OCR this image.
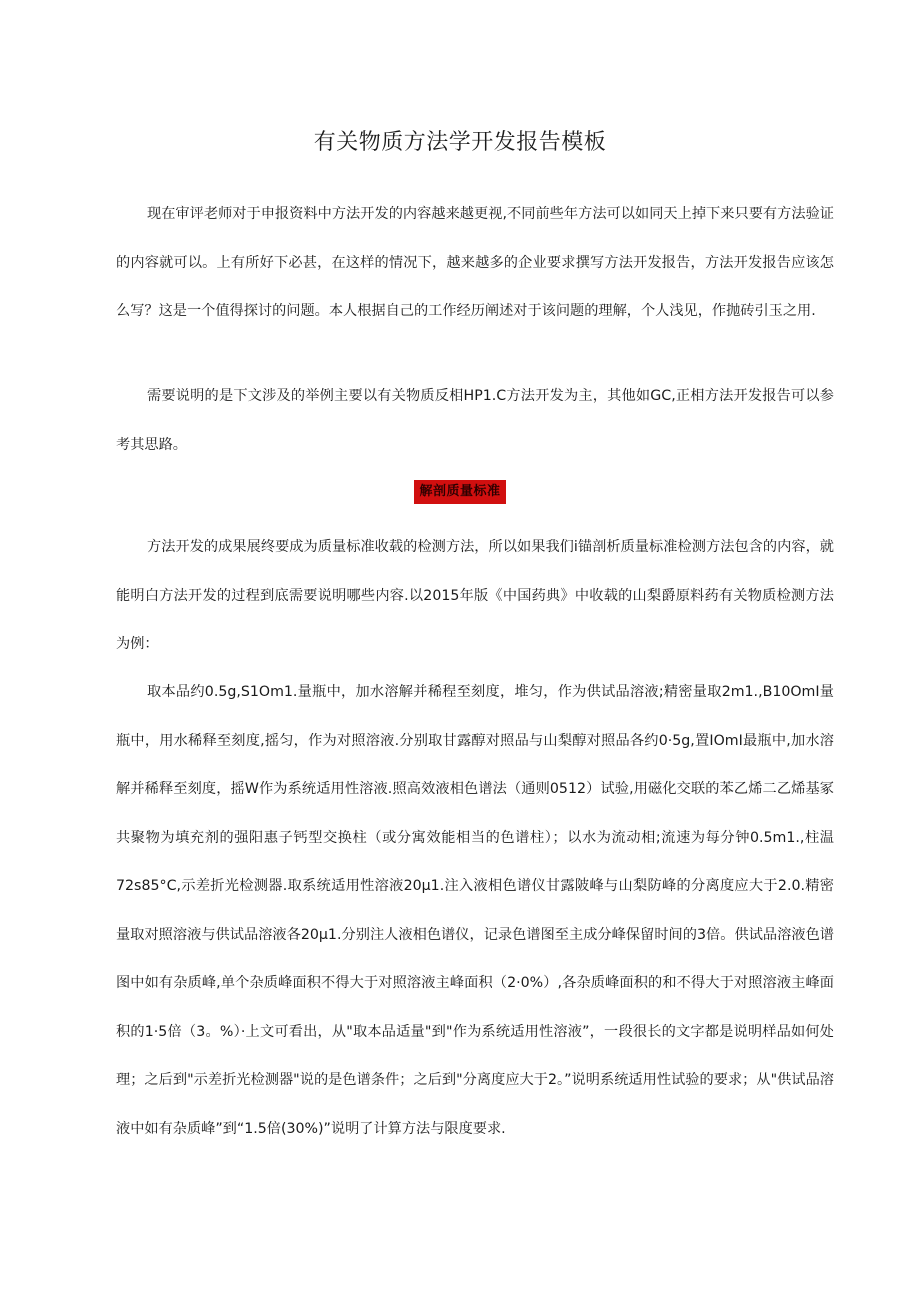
有关物质方法学开发报告模板

现在审评老师对于申报资料中方法开发的内容越来越更视,不同前些年方法可以如同天上掉下来只要有方法验证的内容就可以。上有所好下必甚，在这样的情况下，越来越多的企业要求撰写方法开发报告，方法开发报告应该怎么写？这是一个值得探讨的问题。本人根据自己的工作经历阐述对于该问题的理解，个人浅见，作抛砖引玉之用.

需要说明的是下文涉及的举例主要以有关物质反相HP1.C方法开发为主，其他如GC,正相方法开发报告可以参考其思路。

解剖质量标准

方法开发的成果展终要成为质量标准收载的检测方法，所以如果我们i锚剖析质量标准检测方法包含的内容，就能明白方法开发的过程到底需要说明哪些内容.以2015年版《中国药典》中收载的山梨爵原料药有关物质检测方法为例：

取本品约0.5g,S1Om1.量瓶中，加水溶解并稀程至刻度，堆匀，作为供试品溶液;精密量取2m1.,B10OmI量瓶中，用水稀释至刻度,摇匀，作为对照溶液.分别取甘露醇对照品与山梨醇对照品各约0·5g,置IOmI最瓶中,加水溶解并稀释至刻度，摇W作为系统适用性溶液.照高效液相色谱法（通则0512）试验,用磁化交联的苯乙烯二乙烯基冢共聚物为填充剂的强阳惠子钙型交换柱（或分寓效能相当的色谱柱）；以水为流动相;流速为每分钟0.5m1.,柱温72s85°C,示差折光检测器.取系统适用性溶液20μ1.注入液相色谱仪甘露陂峰与山梨防峰的分离度应大于2.0.精密量取对照溶液与供试品溶液各20μ1.分别注人液相色谱仪，记录色谱图至主成分峰保留时间的3倍。供试品溶液色谱图中如有杂质峰,单个杂质峰面积不得大于对照溶液主峰面积（2·0%）,各杂质峰面积的和不得大于对照溶液主峰面积的1·5倍（3。%）·上文可看出，从"取本品适量"到"作为系统适用性溶液”，一段很长的文字都是说明样品如何处理；之后到"示差折光检测器"说的是色谱条件；之后到"分离度应大于2。”说明系统适用性试验的要求；从"供试品溶液中如有杂质峰”到“1.5倍(30%)”说明了计算方法与限度要求.
